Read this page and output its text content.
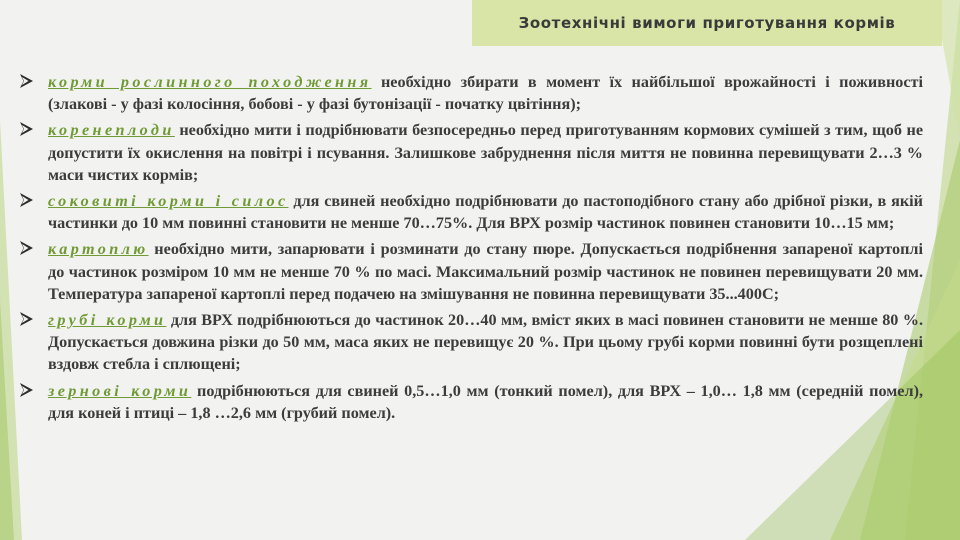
Зоотехнічні вимоги приготування кормів
корми рослинного походження необхідно збирати в момент їх найбільшої врожайності і поживності (злакові - у фазі колосіння, бобові - у фазі бутонізації - початку цвітіння);
коренеплоди необхідно мити і подрібнювати безпосередньо перед приготуванням кормових сумішей з тим, щоб не допустити їх окислення на повітрі і псування. Залишкове забруднення після миття не повинна перевищувати 2…3 % маси чистих кормів;
соковиті корми і силос для свиней необхідно подрібнювати до пастоподібного стану або дрібної різки, в якій частинки до 10 мм повинні становити не менше 70…75%. Для ВРХ розмір частинок повинен становити 10…15 мм;
картоплю необхідно мити, запарювати і розминати до стану пюре. Допускається подрібнення запареної картоплі до частинок розміром 10 мм не менше 70 % по масі. Максимальний розмір частинок не повинен перевищувати 20 мм. Температура запареної картоплі перед подачею на змішування не повинна перевищувати 35...400С;
грубі корми для ВРХ подрібнюються до частинок 20…40 мм, вміст яких в масі повинен становити не менше 80 %. Допускається довжина різки до 50 мм, маса яких не перевищує 20 %. При цьому грубі корми повинні бути розщеплені вздовж стебла і сплющені;
зернові корми подрібнюються для свиней 0,5…1,0 мм (тонкий помел), для ВРХ – 1,0… 1,8 мм (середній помел), для коней і птиці – 1,8 …2,6 мм (грубий помел).
